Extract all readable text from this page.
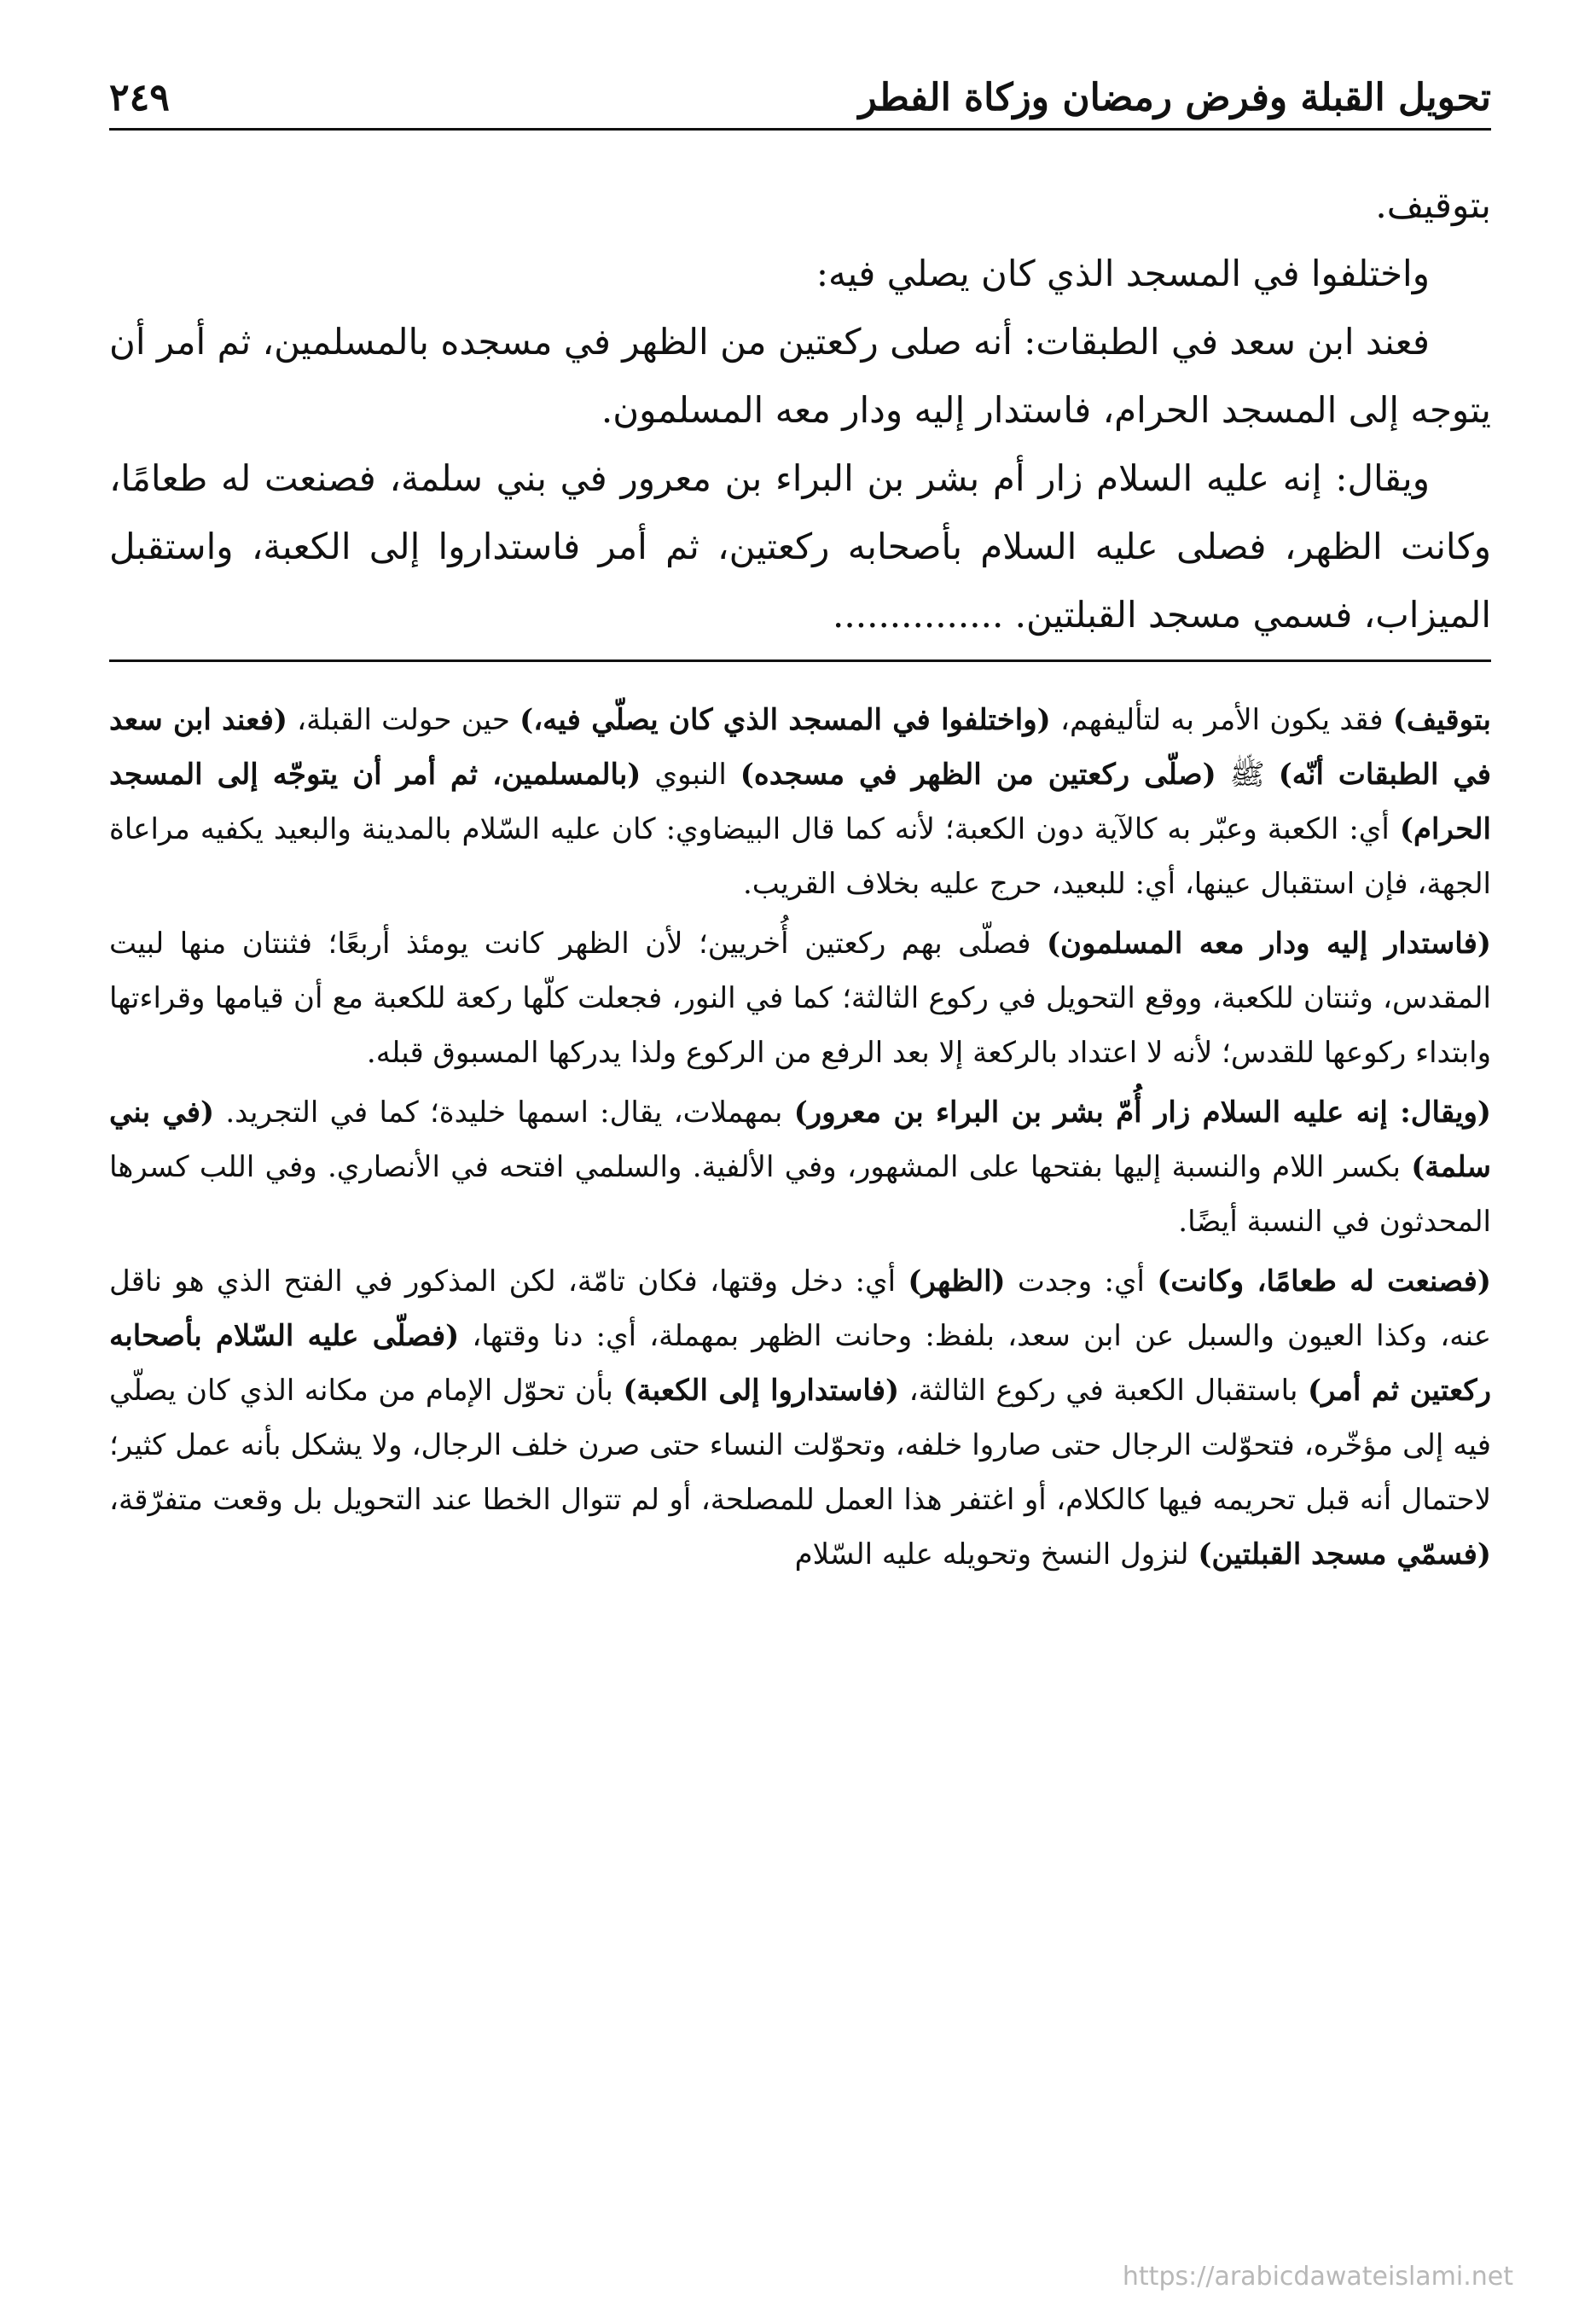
تحويل القبلة وفرض رمضان وزكاة الفطر
٢٤٩

بتوقيف.

واختلفوا في المسجد الذي كان يصلي فيه:

فعند ابن سعد في الطبقات: أنه صلى ركعتين من الظهر في مسجده بالمسلمين، ثم أمر أن يتوجه إلى المسجد الحرام، فاستدار إليه ودار معه المسلمون.

ويقال: إنه عليه السلام زار أم بشر بن البراء بن معرور في بني سلمة، فصنعت له طعامًا، وكانت الظهر، فصلى عليه السلام بأصحابه ركعتين، ثم أمر فاستداروا إلى الكعبة، واستقبل الميزاب، فسمي مسجد القبلتين. ...............

بتوقيف) فقد يكون الأمر به لتأليفهم، (واختلفوا في المسجد الذي كان يصلّي فيه،) حين حولت القبلة، (فعند ابن سعد في الطبقات أنّه) ﷺ (صلّى ركعتين من الظهر في مسجده) النبوي (بالمسلمين، ثم أمر أن يتوجّه إلى المسجد الحرام) أي: الكعبة وعبّر به كالآية دون الكعبة؛ لأنه كما قال البيضاوي: كان عليه السّلام بالمدينة والبعيد يكفيه مراعاة الجهة، فإن استقبال عينها، أي: للبعيد، حرج عليه بخلاف القريب.

(فاستدار إليه ودار معه المسلمون) فصلّى بهم ركعتين أُخريين؛ لأن الظهر كانت يومئذ أربعًا؛ فثنتان منها لبيت المقدس، وثنتان للكعبة، ووقع التحويل في ركوع الثالثة؛ كما في النور، فجعلت كلّها ركعة للكعبة مع أن قيامها وقراءتها وابتداء ركوعها للقدس؛ لأنه لا اعتداد بالركعة إلا بعد الرفع من الركوع ولذا يدركها المسبوق قبله.

(ويقال: إنه عليه السلام زار أُمّ بشر بن البراء بن معرور) بمهملات، يقال: اسمها خليدة؛ كما في التجريد. (في بني سلمة) بكسر اللام والنسبة إليها بفتحها على المشهور، وفي الألفية. والسلمي افتحه في الأنصاري. وفي اللب كسرها المحدثون في النسبة أيضًا.

(فصنعت له طعامًا، وكانت) أي: وجدت (الظهر) أي: دخل وقتها، فكان تامّة، لكن المذكور في الفتح الذي هو ناقل عنه، وكذا العيون والسبل عن ابن سعد، بلفظ: وحانت الظهر بمهملة، أي: دنا وقتها، (فصلّى عليه السّلام بأصحابه ركعتين ثم أمر) باستقبال الكعبة في ركوع الثالثة، (فاستداروا إلى الكعبة) بأن تحوّل الإمام من مكانه الذي كان يصلّي فيه إلى مؤخّره، فتحوّلت الرجال حتى صاروا خلفه، وتحوّلت النساء حتى صرن خلف الرجال، ولا يشكل بأنه عمل كثير؛ لاحتمال أنه قبل تحريمه فيها كالكلام، أو اغتفر هذا العمل للمصلحة، أو لم تتوال الخطا عند التحويل بل وقعت متفرّقة، (فسمّي مسجد القبلتين) لنزول النسخ وتحويله عليه السّلام

https://arabicdawateislami.net
